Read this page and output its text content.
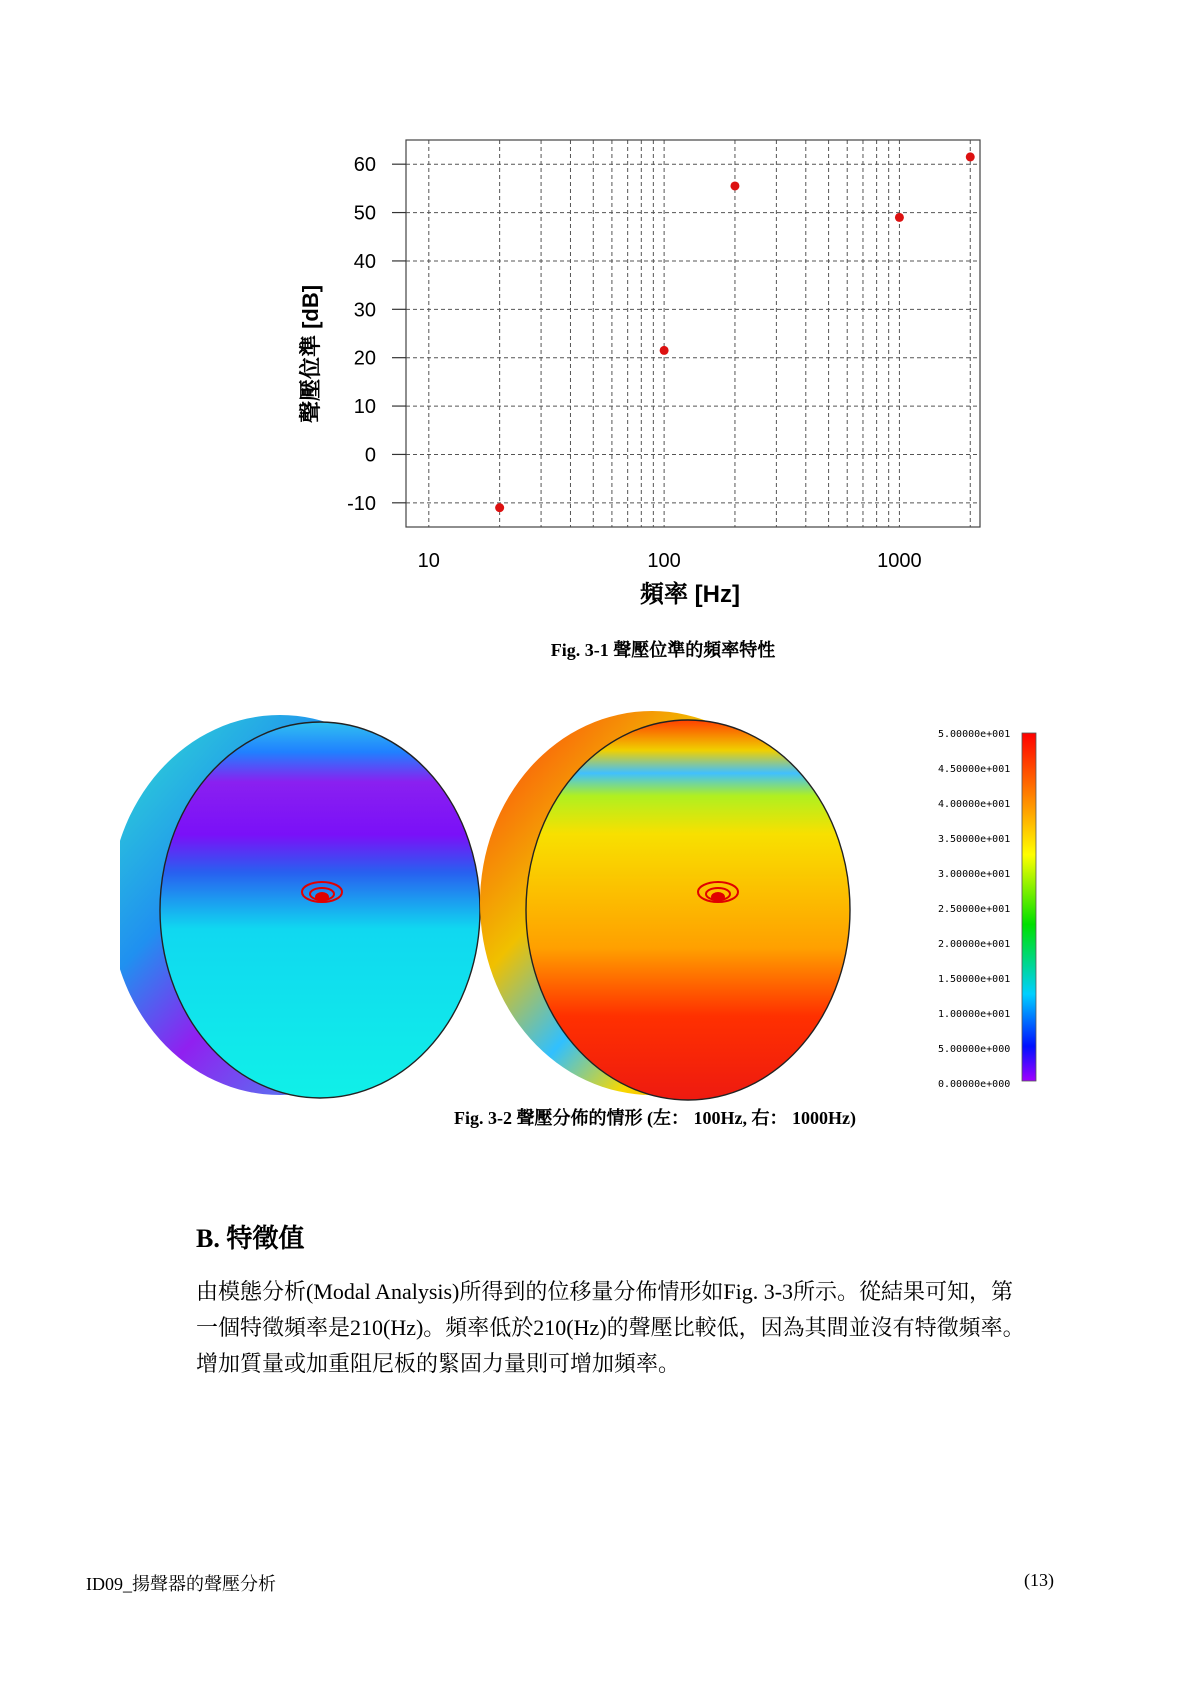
60
50
40
30
20
10
0
-10
10	100	1000
聲壓位準 [dB]
頻率 [Hz]
Fig. 3-1 聲壓位準的頻率特性
5.00000e+001
4.50000e+001
4.00000e+001
3.50000e+001
3.00000e+001
2.50000e+001
2.00000e+001
1.50000e+001
1.00000e+001
5.00000e+000
0.00000e+000
Fig. 3-2 聲壓分佈的情形 (左： 100Hz, 右： 1000Hz)
B. 特徵值
由模態分析(Modal Analysis)所得到的位移量分佈情形如Fig. 3-3所示。從結果可知，第
一個特徵頻率是210(Hz)。頻率低於210(Hz)的聲壓比較低，因為其間並沒有特徵頻率。
增加質量或加重阻尼板的緊固力量則可增加頻率。
ID09_揚聲器的聲壓分析	(13)
